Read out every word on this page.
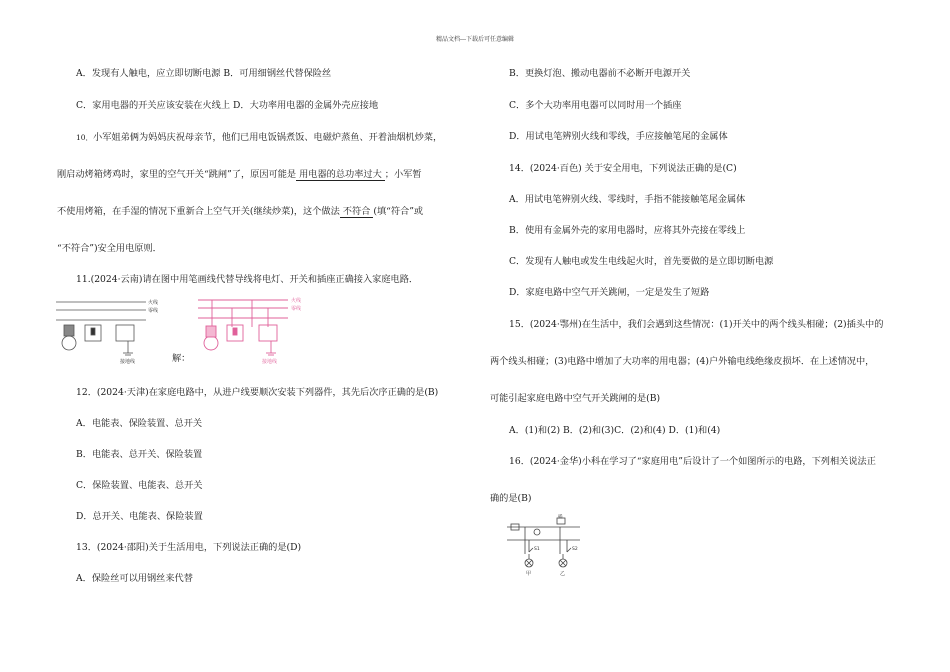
精品文档---下载后可任意编辑
A．发现有人触电，应立即切断电源 B．可用细钢丝代替保险丝
C．家用电器的开关应该安装在火线上 D．大功率用电器的金属外壳应接地
10．小军姐弟俩为妈妈庆祝母亲节，他们已用电饭锅煮饭、电磁炉蒸鱼、开着油烟机炒菜，
刚启动烤箱烤鸡时，家里的空气开关“跳闸”了，原因可能是 用电器的总功率过大 ；小军暂
不使用烤箱，在手湿的情况下重新合上空气开关(继续炒菜)，这个做法 不符合 (填“符合”或
“不符合”)安全用电原则．
11.(2024·云南)请在图中用笔画线代替导线将电灯、开关和插座正确接入家庭电路．
火线
零线
接地线
火线
零线
接地线
解：
12．(2024·天津)在家庭电路中，从进户线要顺次安装下列器件，其先后次序正确的是(B)
A．电能表、保险装置、总开关
B．电能表、总开关、保险装置
C．保险装置、电能表、总开关
D．总开关、电能表、保险装置
13．(2024·邵阳)关于生活用电，下列说法正确的是(D)
A．保险丝可以用钢丝来代替
B．更换灯泡、搬动电器前不必断开电源开关
C．多个大功率用电器可以同时用一个插座
D．用试电笔辨别火线和零线，手应接触笔尾的金属体
14．(2024·百色) 关于安全用电，下列说法正确的是(C)
A．用试电笔辨别火线、零线时，手指不能接触笔尾金属体
B．使用有金属外壳的家用电器时，应将其外壳接在零线上
C．发现有人触电或发生电线起火时，首先要做的是立即切断电源
D．家庭电路中空气开关跳闸，一定是发生了短路
15．(2024·鄂州)在生活中，我们会遇到这些情况：(1)开关中的两个线头相碰；(2)插头中的
两个线头相碰；(3)电路中增加了大功率的用电器；(4)户外输电线绝缘皮损坏．在上述情况中，
可能引起家庭电路中空气开关跳闸的是(B)
A．(1)和(2) B．(2)和(3)C．(2)和(4) D．(1)和(4)
16．(2024·金华)小科在学习了“家庭用电”后设计了一个如图所示的电路，下列相关说法正
确的是(B)
插
S1	S2
甲	乙
